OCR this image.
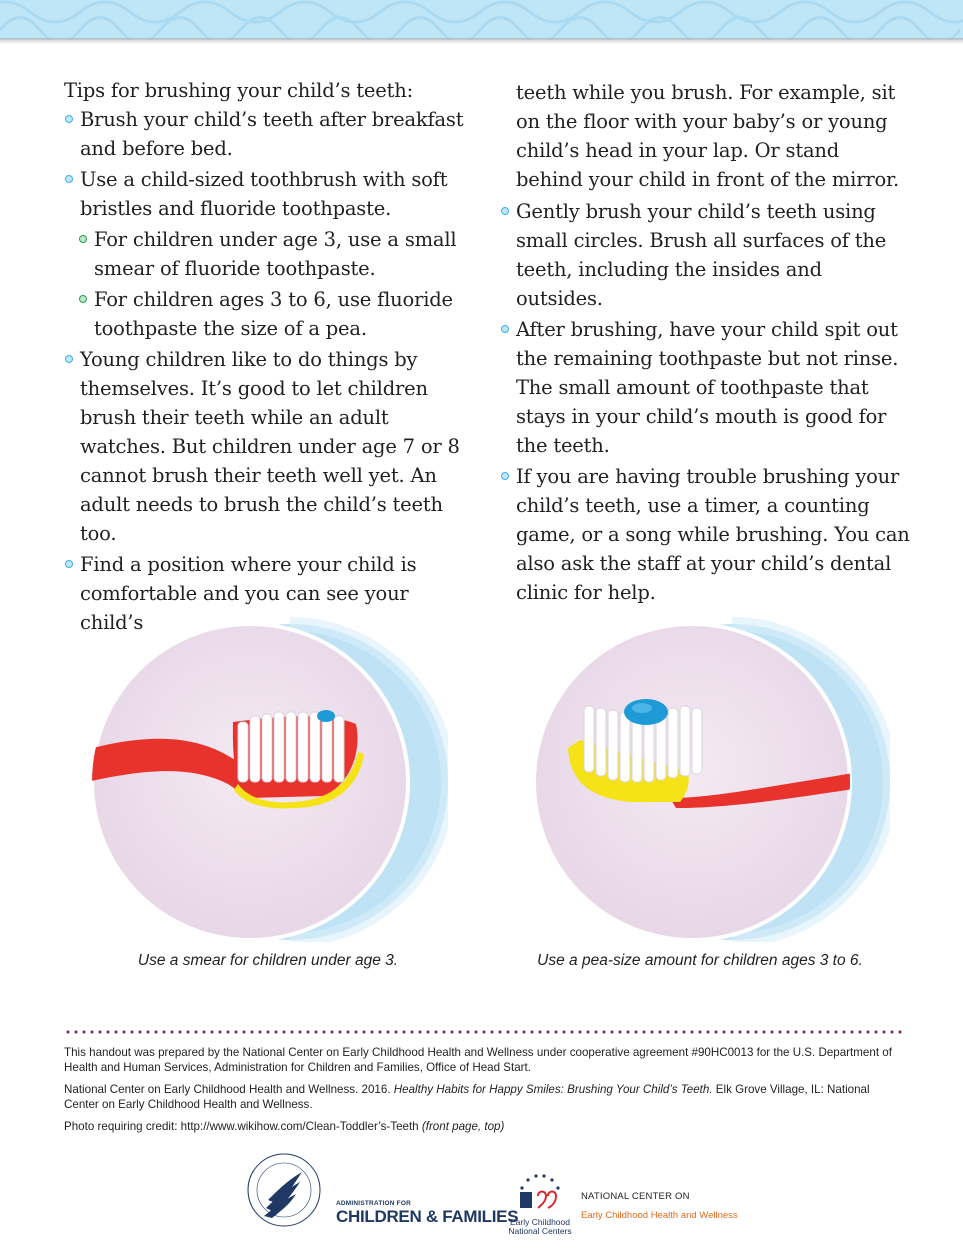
Tips for brushing your child’s teeth:
Brush your child’s teeth after breakfast and before bed.
Use a child-sized toothbrush with soft bristles and fluoride toothpaste.
For children under age 3, use a small smear of fluoride toothpaste.
For children ages 3 to 6, use fluoride toothpaste the size of a pea.
Young children like to do things by themselves. It’s good to let children brush their teeth while an adult watches. But children under age 7 or 8 cannot brush their teeth well yet. An adult needs to brush the child’s teeth too.
Find a position where your child is comfortable and you can see your child’s
teeth while you brush. For example, sit on the floor with your baby’s or young child’s head in your lap. Or stand behind your child in front of the mirror.
Gently brush your child’s teeth using small circles. Brush all surfaces of the teeth, including the insides and outsides.
After brushing, have your child spit out the remaining toothpaste but not rinse. The small amount of toothpaste that stays in your child’s mouth is good for the teeth.
If you are having trouble brushing your child’s teeth, use a timer, a counting game, or a song while brushing. You can also ask the staff at your child’s dental clinic for help.
Use a smear for children under age 3.	Use a pea-size amount for children ages 3 to 6.
This handout was prepared by the National Center on Early Childhood Health and Wellness under cooperative agreement #90HC0013 for the U.S. Department of Health and Human Services, Administration for Children and Families, Office of Head Start.
National Center on Early Childhood Health and Wellness. 2016. Healthy Habits for Happy Smiles: Brushing Your Child’s Teeth. Elk Grove Village, IL: National Center on Early Childhood Health and Wellness.
Photo requiring credit: http://www.wikihow.com/Clean-Toddler’s-Teeth (front page, top)
ADMINISTRATION FOR
CHILDREN & FAMILIES
Early Childhood National Centers
NATIONAL CENTER ON
Early Childhood Health and Wellness
